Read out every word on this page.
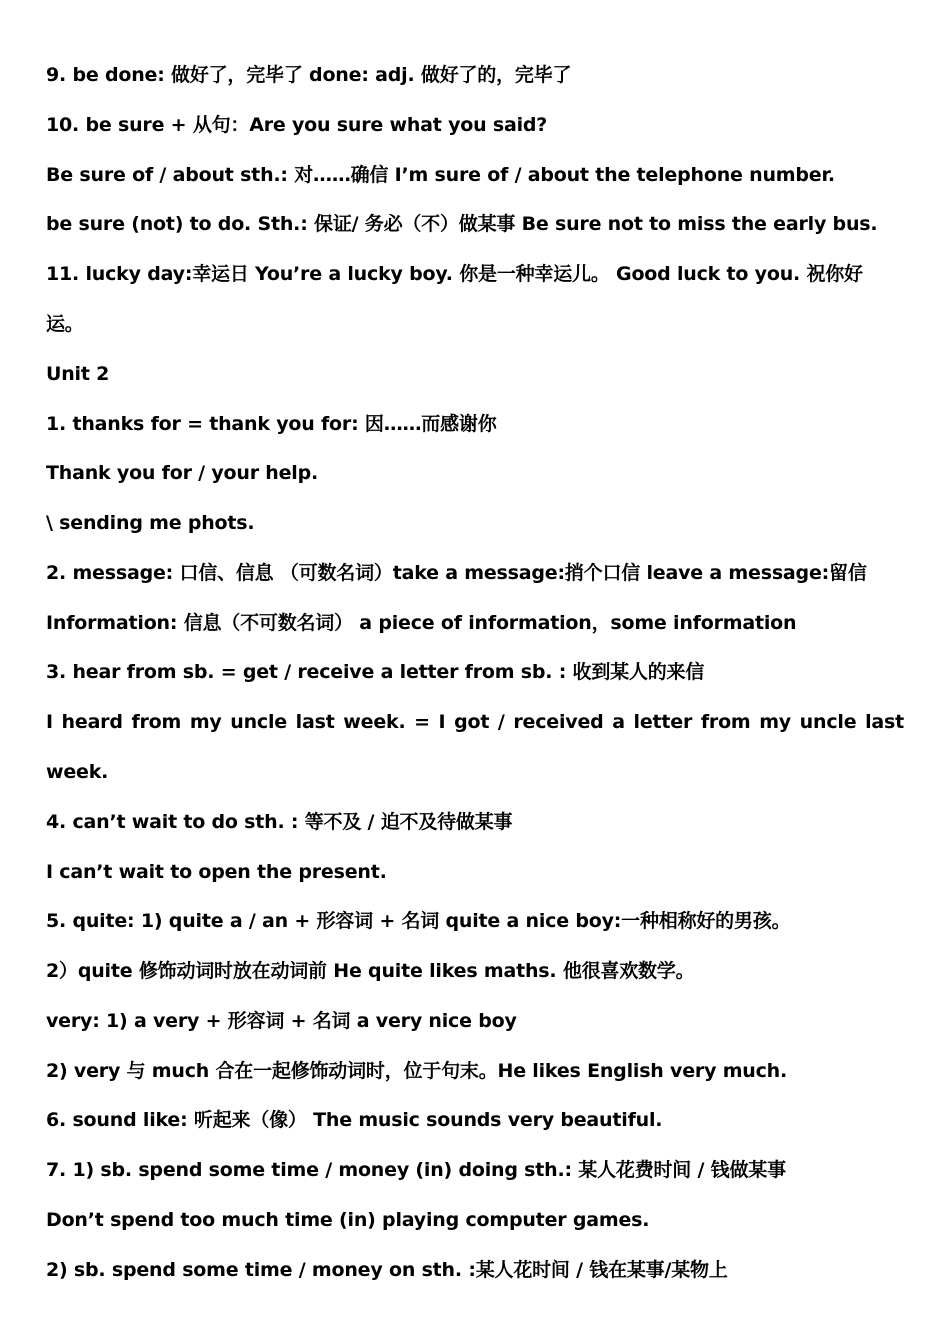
9. be done: 做好了，完毕了 done: adj. 做好了的，完毕了
10. be sure + 从句：Are you sure what you said?
Be sure of / about sth.: 对……确信 I’m sure of / about the telephone number.
be sure (not) to do. Sth.: 保证/ 务必（不）做某事 Be sure not to miss the early bus.
11. lucky day:幸运日 You’re a lucky boy. 你是一种幸运儿。 Good luck to you. 祝你好
运。
Unit 2
1. thanks for = thank you for: 因……而感谢你
Thank you for / your help.
\ sending me phots.
2. message: 口信、信息 （可数名词）take a message:捎个口信 leave a message:留信
Information: 信息（不可数名词） a piece of information，some information
3. hear from sb. = get / receive a letter from sb. : 收到某人的来信
I heard from my uncle last week. = I got / received a letter from my uncle last
week.
4. can’t wait to do sth. : 等不及 / 迫不及待做某事
I can’t wait to open the present.
5. quite: 1) quite a / an + 形容词 + 名词 quite a nice boy:一种相称好的男孩。
2）quite 修饰动词时放在动词前 He quite likes maths. 他很喜欢数学。
very: 1) a very + 形容词 + 名词 a very nice boy
2) very 与 much 合在一起修饰动词时，位于句末。He likes English very much.
6. sound like: 听起来（像） The music sounds very beautiful.
7. 1) sb. spend some time / money (in) doing sth.: 某人花费时间 / 钱做某事
Don’t spend too much time (in) playing computer games.
2) sb. spend some time / money on sth. :某人花时间 / 钱在某事/某物上
